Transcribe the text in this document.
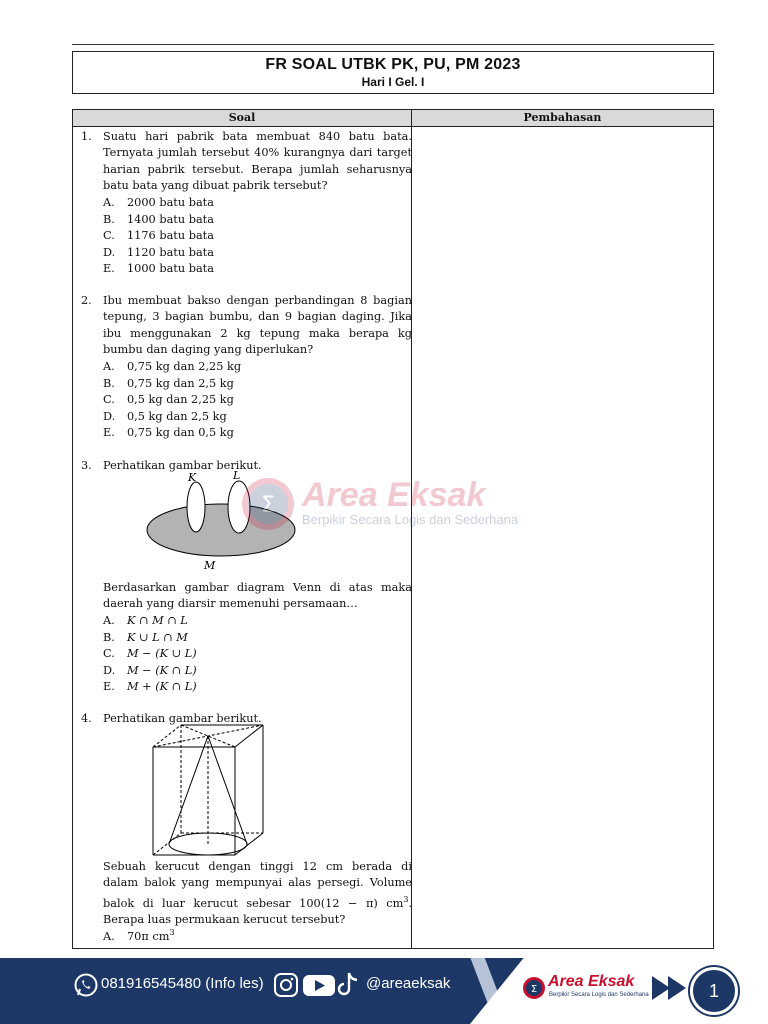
FR SOAL UTBK PK, PU, PM 2023
Hari I Gel. I
Soal	Pembahasan
1. Suatu hari pabrik bata membuat 840 batu bata. Ternyata jumlah tersebut 40% kurangnya dari target harian pabrik tersebut. Berapa jumlah seharusnya batu bata yang dibuat pabrik tersebut?
A. 2000 batu bata
B. 1400 batu bata
C. 1176 batu bata
D. 1120 batu bata
E. 1000 batu bata
2. Ibu membuat bakso dengan perbandingan 8 bagian tepung, 3 bagian bumbu, dan 9 bagian daging. Jika ibu menggunakan 2 kg tepung maka berapa kg bumbu dan daging yang diperlukan?
A. 0,75 kg dan 2,25 kg
B. 0,75 kg dan 2,5 kg
C. 0,5 kg dan 2,25 kg
D. 0,5 kg dan 2,5 kg
E. 0,75 kg dan 0,5 kg
3. Perhatikan gambar berikut.
K	L
M
Berdasarkan gambar diagram Venn di atas maka daerah yang diarsir memenuhi persamaan…
A. K ∩ M ∩ L
B. K ∪ L ∩ M
C. M − (K ∪ L)
D. M − (K ∩ L)
E. M + (K ∩ L)
4. Perhatikan gambar berikut.
Sebuah kerucut dengan tinggi 12 cm berada di dalam balok yang mempunyai alas persegi. Volume balok di luar kerucut sebesar 100(12 − π) $cm^3$. Berapa luas permukaan kerucut tersebut?
A. 70π $cm^3$
Σ Area Eksak
Berpikir Secara Logis dan Sederhana
081916545480 (Info les)	@areaeksak	Σ Area Eksak
Berpikir Secara Logis dan Sederhana	1
